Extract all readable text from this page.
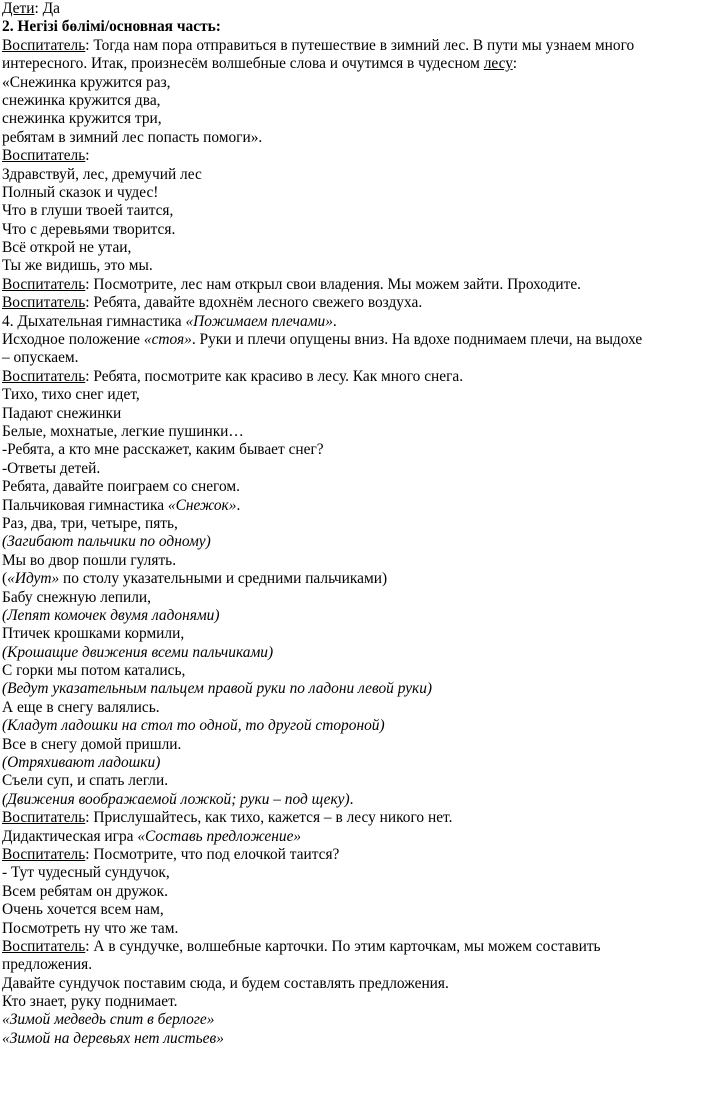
Дети: Да
2. Негізі бөлімі/основная часть:
Воспитатель: Тогда нам пора отправиться в путешествие в зимний лес. В пути мы узнаем много
интересного. Итак, произнесём волшебные слова и очутимся в чудесном лесу:
«Снежинка кружится раз,
снежинка кружится два,
снежинка кружится три,
ребятам в зимний лес попасть помоги».
Воспитатель:
Здравствуй, лес, дремучий лес
Полный сказок и чудес!
Что в глуши твоей таится,
Что с деревьями творится.
Всё открой не утаи,
Ты же видишь, это мы.
Воспитатель: Посмотрите, лес нам открыл свои владения. Мы можем зайти. Проходите.
Воспитатель: Ребята, давайте вдохнём лесного свежего воздуха.
4. Дыхательная гимнастика «Пожимаем плечами».
Исходное положение «стоя». Руки и плечи опущены вниз. На вдохе поднимаем плечи, на выдохе
– опускаем.
Воспитатель: Ребята, посмотрите как красиво в лесу. Как много снега.
Тихо, тихо снег идет,
Падают снежинки
Белые, мохнатые, легкие пушинки…
-Ребята, а кто мне расскажет, каким бывает снег?
-Ответы детей.
Ребята, давайте поиграем со снегом.
Пальчиковая гимнастика «Снежок».
Раз, два, три, четыре, пять,
(Загибают пальчики по одному)
Мы во двор пошли гулять.
(«Идут» по столу указательными и средними пальчиками)
Бабу снежную лепили,
(Лепят комочек двумя ладонями)
Птичек крошками кормили,
(Крошащие движения всеми пальчиками)
С горки мы потом катались,
(Ведут указательным пальцем правой руки по ладони левой руки)
А еще в снегу валялись.
(Кладут ладошки на стол то одной, то другой стороной)
Все в снегу домой пришли.
(Отряхивают ладошки)
Съели суп, и спать легли.
(Движения воображаемой ложкой; руки – под щеку).
Воспитатель: Прислушайтесь, как тихо, кажется – в лесу никого нет.
Дидактическая игра «Составь предложение»
Воспитатель: Посмотрите, что под елочкой таится?
- Тут чудесный сундучок,
Всем ребятам он дружок.
Очень хочется всем нам,
Посмотреть ну что же там.
Воспитатель: А в сундучке, волшебные карточки. По этим карточкам, мы можем составить
предложения.
Давайте сундучок поставим сюда, и будем составлять предложения.
Кто знает, руку поднимает.
«Зимой медведь спит в берлоге»
«Зимой на деревьях нет листьев»
